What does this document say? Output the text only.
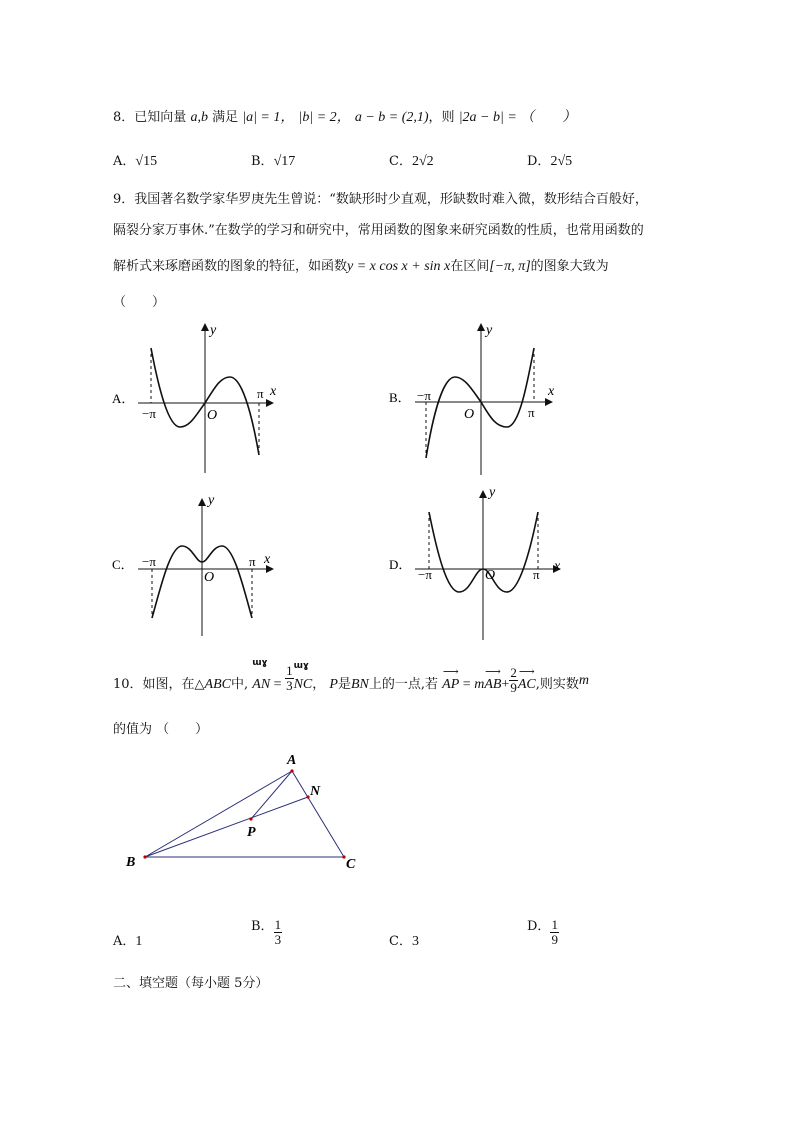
8．已知向量 a,b 满足 |a| = 1， |b| = 2， a − b = (2,1)，则 |2a − b| = （　　）
A．√15	B．√17	C．2√2	D．2√5
9．我国著名数学家华罗庚先生曾说：“数缺形时少直观，形缺数时难入微，数形结合百般好，
隔裂分家万事休.”在数学的学习和研究中，常用函数的图象来研究函数的性质，也常用函数的
解析式来琢磨函数的图象的特征，如函数y = x cos x + sin x在区间[−π, π]的图象大致为
（　　）
A．
y
x
O
−π
π	B．
y
x
O
−π
π
C．
y
x
O
−π	π	D．
y
x
O
−π	π
10．如图，在△ABC中,
ɯɣ
AN = $\frac{1}{3}$ ɯɣ
NC， P是BN上的一点,若 ⟶ AP = m⟶ $AB+ \frac{2}{9}$ ⟶ AC,则实数m
的值为 （　　）
A
B	C
N
P
A．1
B． $\frac{1}{3}$	C．3
D． $\frac{1}{9}$
二、填空题（每小题 5分）
